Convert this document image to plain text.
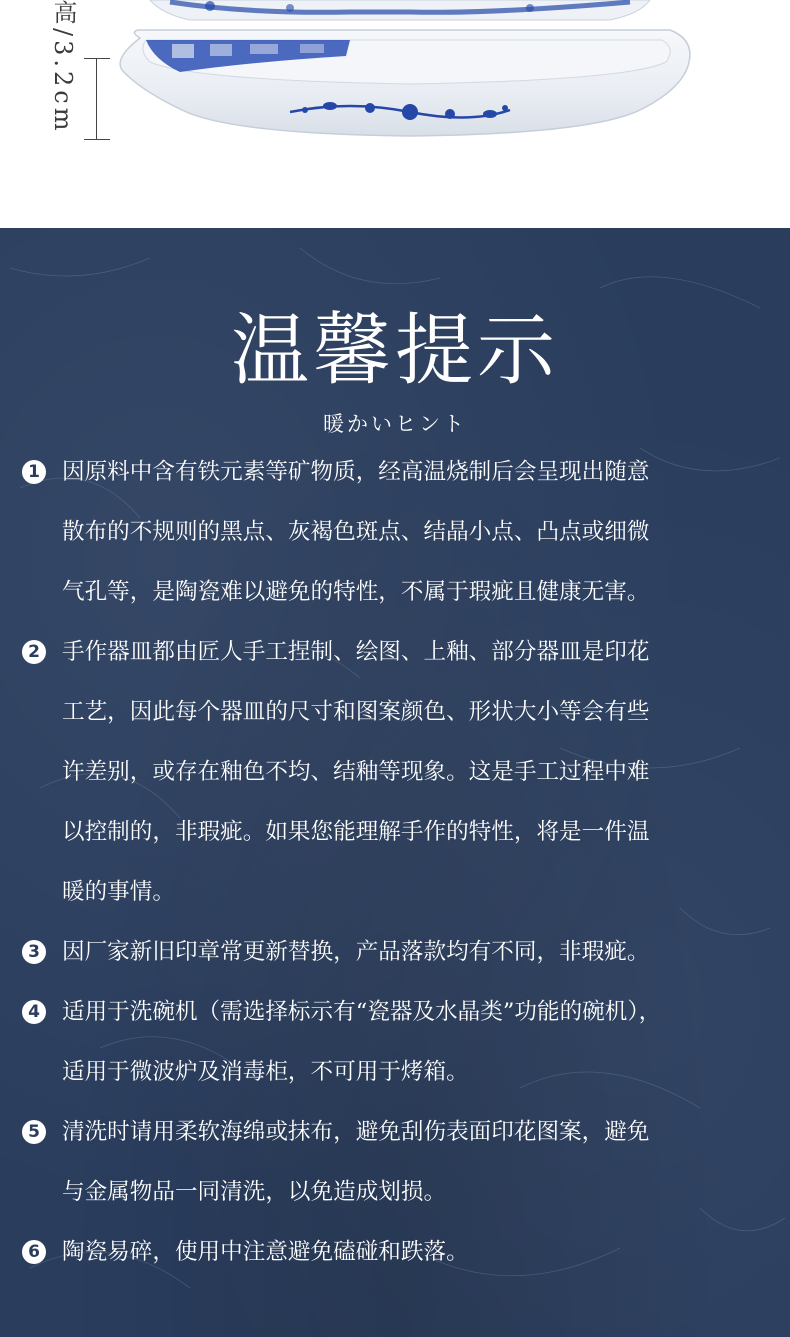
高/3.2cm
温馨提示
暖かいヒント
1 因原料中含有铁元素等矿物质，经高温烧制后会呈现出随意
散布的不规则的黑点、灰褐色斑点、结晶小点、凸点或细微
气孔等，是陶瓷难以避免的特性，不属于瑕疵且健康无害。
2 手作器皿都由匠人手工捏制、绘图、上釉、部分器皿是印花
工艺，因此每个器皿的尺寸和图案颜色、形状大小等会有些
许差别，或存在釉色不均、结釉等现象。这是手工过程中难
以控制的，非瑕疵。如果您能理解手作的特性，将是一件温
暖的事情。
3 因厂家新旧印章常更新替换，产品落款均有不同，非瑕疵。
4 适用于洗碗机（需选择标示有“瓷器及水晶类”功能的碗机），
适用于微波炉及消毒柜，不可用于烤箱。
5 清洗时请用柔软海绵或抹布，避免刮伤表面印花图案，避免
与金属物品一同清洗，以免造成划损。
6 陶瓷易碎，使用中注意避免磕碰和跌落。
